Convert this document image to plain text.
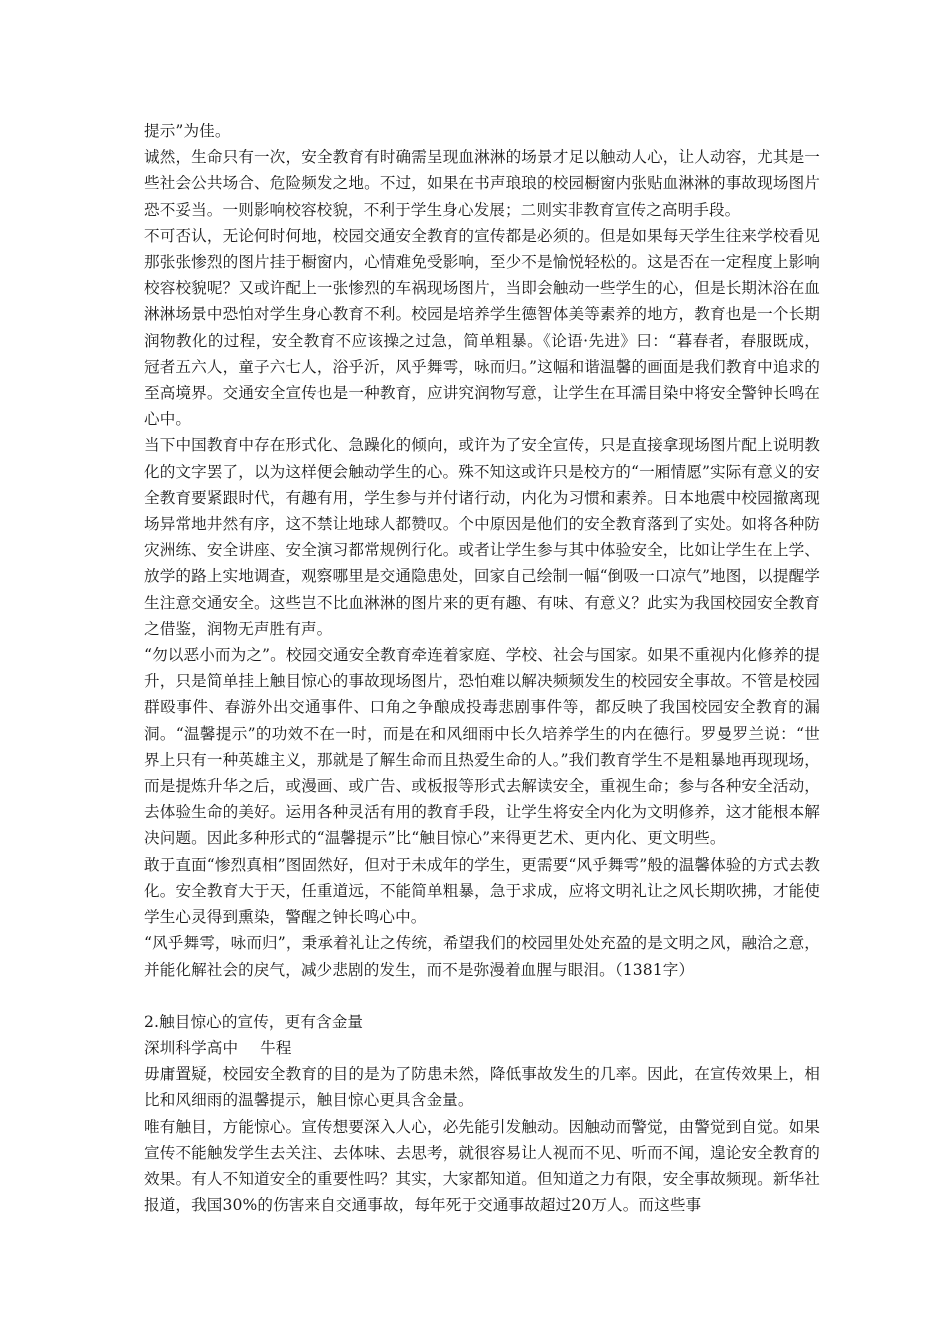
提示”为佳。

诚然，生命只有一次，安全教育有时确需呈现血淋淋的场景才足以触动人心，让人动容，尤其是一些社会公共场合、危险频发之地。不过，如果在书声琅琅的校园橱窗内张贴血淋淋的事故现场图片恐不妥当。一则影响校容校貌，不利于学生身心发展；二则实非教育宣传之高明手段。

不可否认，无论何时何地，校园交通安全教育的宣传都是必须的。但是如果每天学生往来学校看见那张张惨烈的图片挂于橱窗内，心情难免受影响，至少不是愉悦轻松的。这是否在一定程度上影响校容校貌呢？又或许配上一张惨烈的车祸现场图片，当即会触动一些学生的心，但是长期沐浴在血淋淋场景中恐怕对学生身心教育不利。校园是培养学生德智体美等素养的地方，教育也是一个长期润物教化的过程，安全教育不应该操之过急，简单粗暴。《论语·先进》曰：“暮春者，春服既成，冠者五六人，童子六七人，浴乎沂，风乎舞雩，咏而归。”这幅和谐温馨的画面是我们教育中追求的至高境界。交通安全宣传也是一种教育，应讲究润物写意，让学生在耳濡目染中将安全警钟长鸣在心中。

当下中国教育中存在形式化、急躁化的倾向，或许为了安全宣传，只是直接拿现场图片配上说明教化的文字罢了，以为这样便会触动学生的心。殊不知这或许只是校方的“一厢情愿”实际有意义的安全教育要紧跟时代，有趣有用，学生参与并付诸行动，内化为习惯和素养。日本地震中校园撤离现场异常地井然有序，这不禁让地球人都赞叹。个中原因是他们的安全教育落到了实处。如将各种防灾洲练、安全讲座、安全演习都常规例行化。或者让学生参与其中体验安全，比如让学生在上学、放学的路上实地调查，观察哪里是交通隐患处，回家自己绘制一幅“倒吸一口凉气”地图，以提醒学生注意交通安全。这些岂不比血淋淋的图片来的更有趣、有味、有意义？此实为我国校园安全教育之借鉴，润物无声胜有声。

“勿以恶小而为之”。校园交通安全教育牵连着家庭、学校、社会与国家。如果不重视内化修养的提升，只是简单挂上触目惊心的事故现场图片，恐怕难以解决频频发生的校园安全事故。不管是校园群殴事件、春游外出交通事件、口角之争酿成投毒悲剧事件等，都反映了我国校园安全教育的漏洞。“温馨提示”的功效不在一时，而是在和风细雨中长久培养学生的内在德行。罗曼罗兰说：“世界上只有一种英雄主义，那就是了解生命而且热爱生命的人。”我们教育学生不是粗暴地再现现场，而是提炼升华之后，或漫画、或广告、或板报等形式去解读安全，重视生命；参与各种安全活动，去体验生命的美好。运用各种灵活有用的教育手段，让学生将安全内化为文明修养，这才能根本解决问题。因此多种形式的“温馨提示”比“触目惊心”来得更艺术、更内化、更文明些。

敢于直面“惨烈真相”图固然好，但对于未成年的学生，更需要“风乎舞雩”般的温馨体验的方式去教化。安全教育大于天，任重道远，不能简单粗暴，急于求成，应将文明礼让之风长期吹拂，才能使学生心灵得到熏染，警醒之钟长鸣心中。

“风乎舞雩，咏而归”，秉承着礼让之传统，希望我们的校园里处处充盈的是文明之风，融洽之意，并能化解社会的戾气，减少悲剧的发生，而不是弥漫着血腥与眼泪。（1381字）

2.触目惊心的宣传，更有含金量

深圳科学高中 牛程

毋庸置疑，校园安全教育的目的是为了防患未然，降低事故发生的几率。因此，在宣传效果上，相比和风细雨的温馨提示，触目惊心更具含金量。

唯有触目，方能惊心。宣传想要深入人心，必先能引发触动。因触动而警觉，由警觉到自觉。如果宣传不能触发学生去关注、去体味、去思考，就很容易让人视而不见、听而不闻，遑论安全教育的效果。有人不知道安全的重要性吗？其实，大家都知道。但知道之力有限，安全事故频现。新华社报道，我国30%的伤害来自交通事故，每年死于交通事故超过20万人。而这些事
